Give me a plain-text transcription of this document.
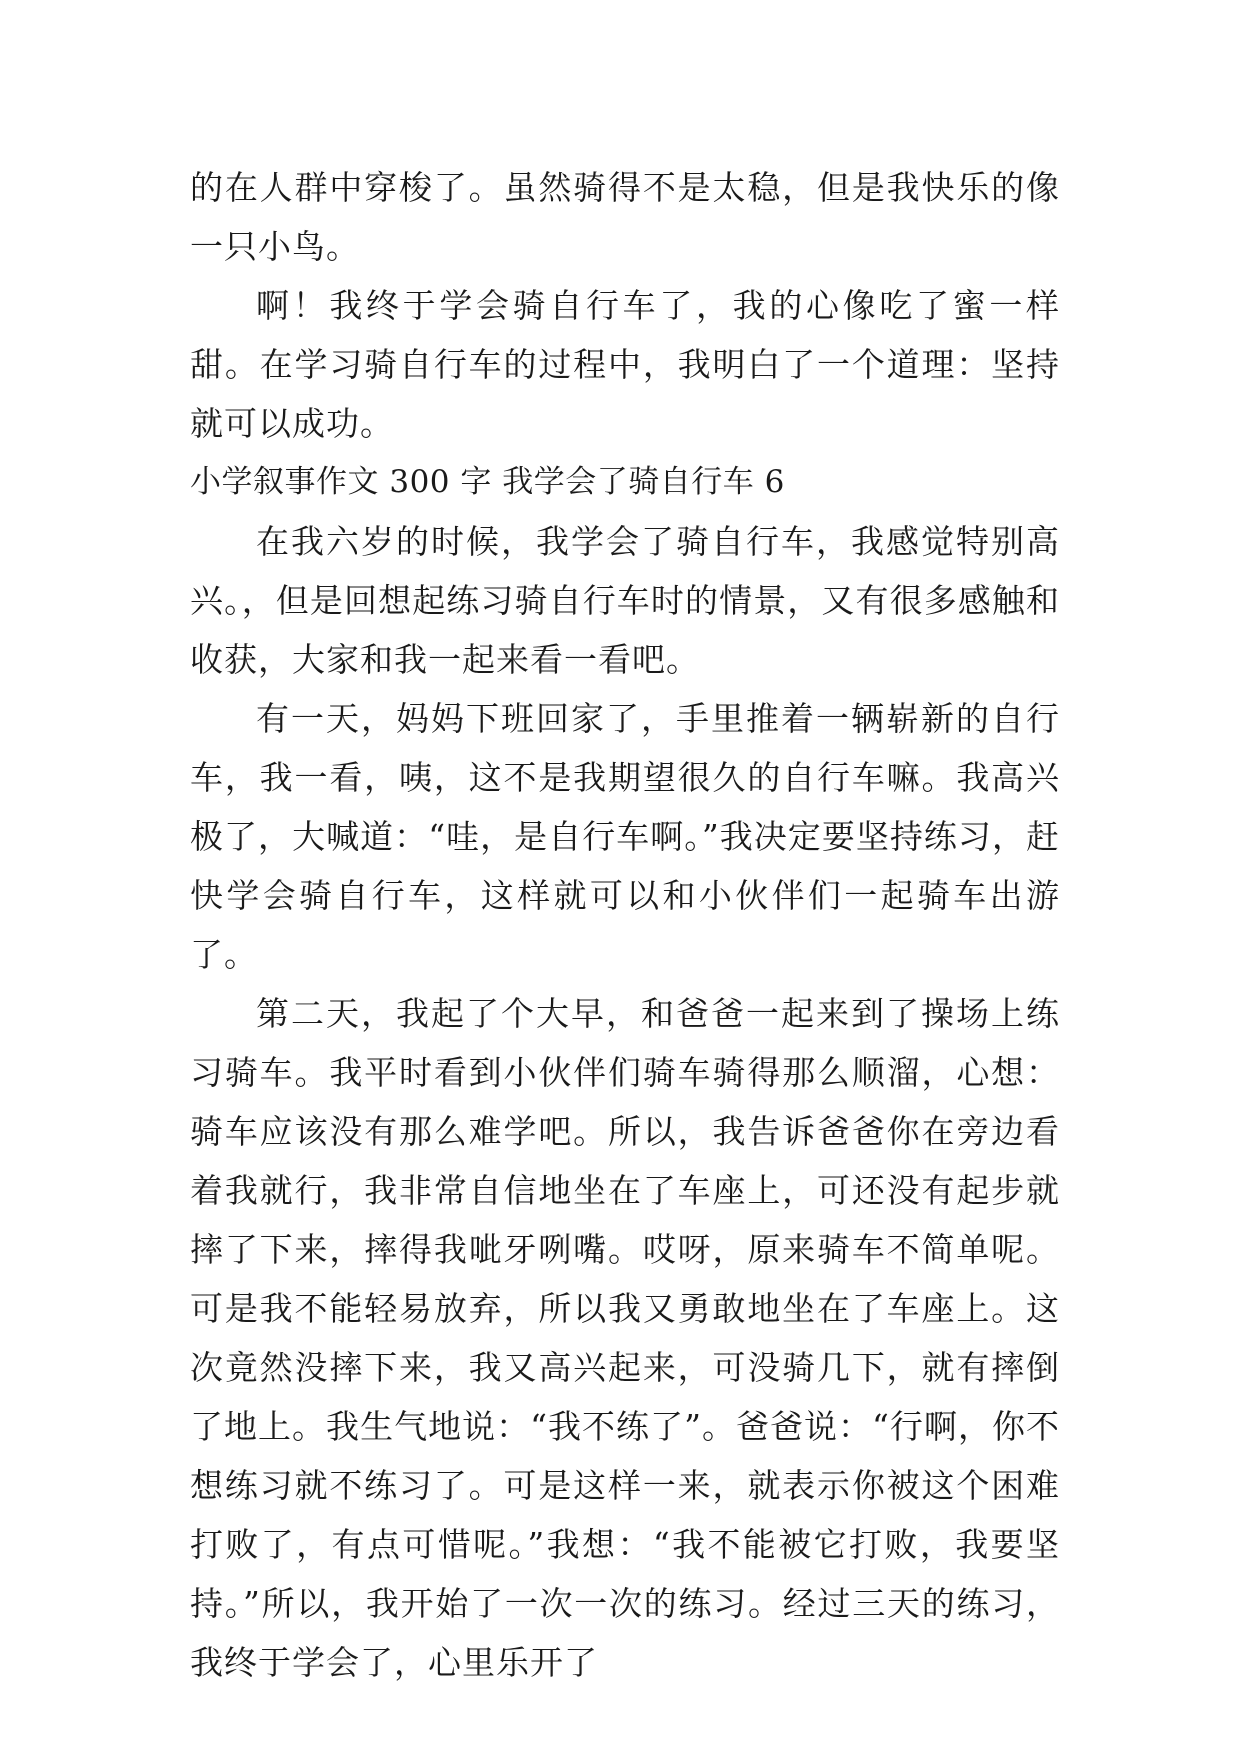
的在人群中穿梭了。虽然骑得不是太稳，但是我快乐的像一只小鸟。

啊！我终于学会骑自行车了，我的心像吃了蜜一样甜。在学习骑自行车的过程中，我明白了一个道理：坚持就可以成功。

小学叙事作文 300 字 我学会了骑自行车 6

在我六岁的时候，我学会了骑自行车，我感觉特别高兴。，但是回想起练习骑自行车时的情景，又有很多感触和收获，大家和我一起来看一看吧。

有一天，妈妈下班回家了，手里推着一辆崭新的自行车，我一看，咦，这不是我期望很久的自行车嘛。我高兴极了，大喊道：“哇，是自行车啊。”我决定要坚持练习，赶快学会骑自行车，这样就可以和小伙伴们一起骑车出游了。

第二天，我起了个大早，和爸爸一起来到了操场上练习骑车。我平时看到小伙伴们骑车骑得那么顺溜，心想：骑车应该没有那么难学吧。所以，我告诉爸爸你在旁边看着我就行，我非常自信地坐在了车座上，可还没有起步就摔了下来，摔得我呲牙咧嘴。哎呀，原来骑车不简单呢。可是我不能轻易放弃，所以我又勇敢地坐在了车座上。这次竟然没摔下来，我又高兴起来，可没骑几下，就有摔倒了地上。我生气地说：“我不练了”。爸爸说：“行啊，你不想练习就不练习了。可是这样一来，就表示你被这个困难打败了，有点可惜呢。”我想：“我不能被它打败，我要坚持。”所以，我开始了一次一次的练习。经过三天的练习，我终于学会了，心里乐开了
